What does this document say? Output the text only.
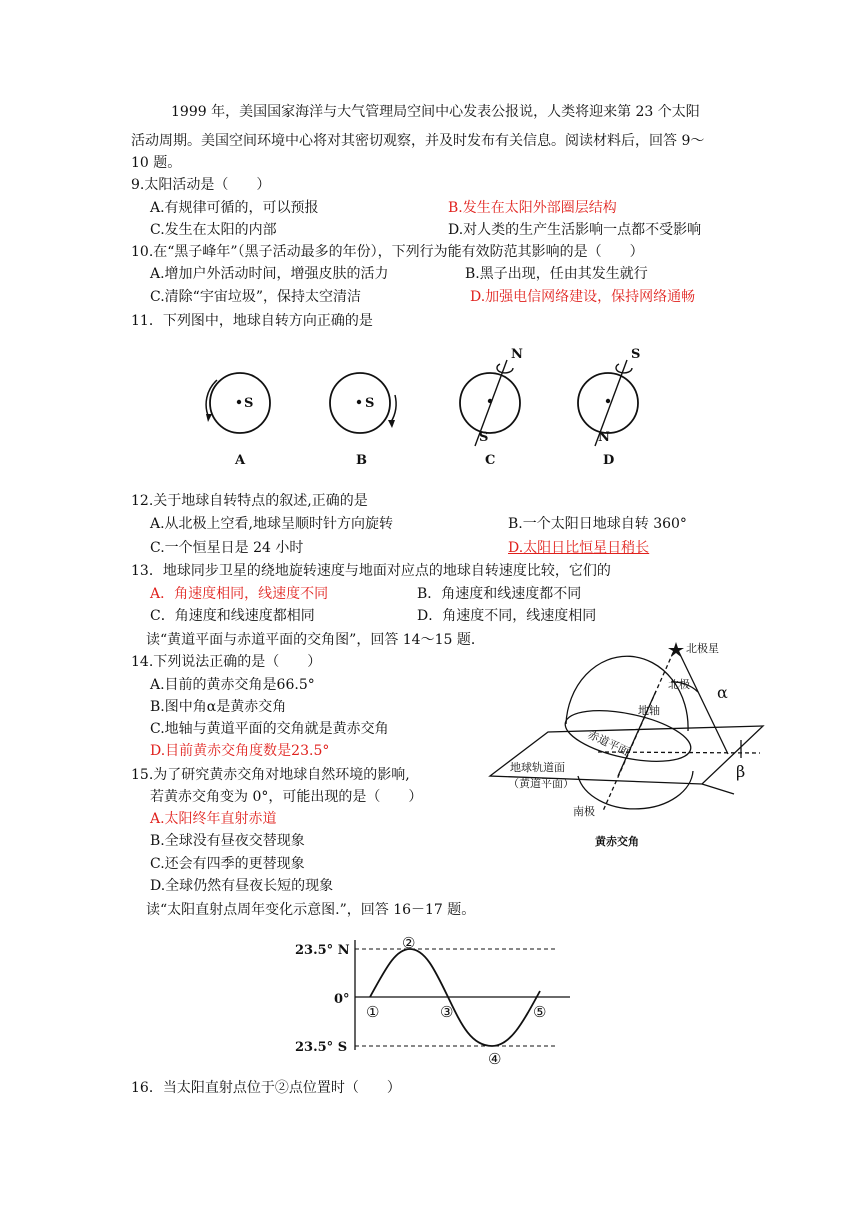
1999 年，美国国家海洋与大气管理局空间中心发表公报说，人类将迎来第 23 个太阳
活动周期。美国空间环境中心将对其密切观察，并及时发布有关信息。阅读材料后，回答 9～
10 题。
9.太阳活动是（　　）
A.有规律可循的，可以预报	B.发生在太阳外部圈层结构
C.发生在太阳的内部	D.对人类的生产生活影响一点都不受影响
10.在“黑子峰年”（黑子活动最多的年份），下列行为能有效防范其影响的是（　　）
A.增加户外活动时间，增强皮肤的活力	B.黑子出现，任由其发生就行
C.清除“宇宙垃圾”，保持太空清洁	D.加强电信网络建设，保持网络通畅
11．下列图中，地球自转方向正确的是
S	S
N
S
S
N
A	B	C	D
12.关于地球自转特点的叙述,正确的是
A.从北极上空看,地球呈顺时针方向旋转	B.一个太阳日地球自转 360°
C.一个恒星日是 24 小时	D.太阳日比恒星日稍长
13．地球同步卫星的绕地旋转速度与地面对应点的地球自转速度比较，它们的
A．角速度相同，线速度不同	B．角速度和线速度都不同
C．角速度和线速度都相同	D．角速度不同，线速度相同
读“黄道平面与赤道平面的交角图”，回答 14～15 题．
14.下列说法正确的是（　　）
A.目前的黄赤交角是66.5°
B.图中角α是黄赤交角
C.地轴与黄道平面的交角就是黄赤交角
D.目前黄赤交角度数是23.5°
15.为了研究黄赤交角对地球自然环境的影响,
若黄赤交角变为 0°，可能出现的是（　　）
A.太阳终年直射赤道
B.全球没有昼夜交替现象
C.还会有四季的更替现象
D.全球仍然有昼夜长短的现象
北极星
北极
地轴
赤道平面
地球轨道面
（黄道平面）
南极
黄赤交角
α
β
读“太阳直射点周年变化示意图.”，回答 16－17 题。
23.5° N
0°
23.5° S
①
②
③
④
⑤
16．当太阳直射点位于②点位置时（　　）
